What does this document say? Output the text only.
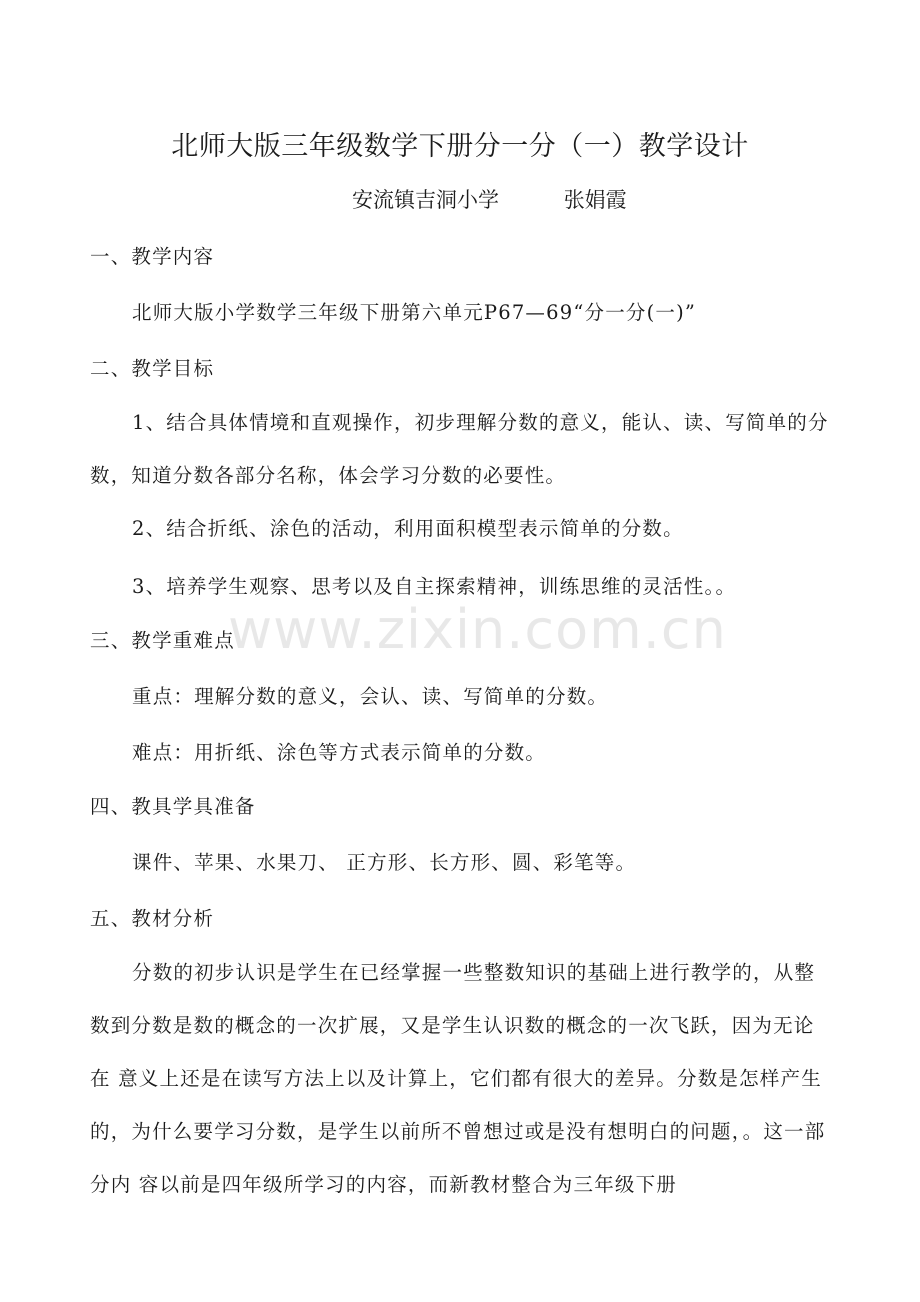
北师大版三年级数学下册分一分（一）教学设计
安流镇吉洞小学	张娟霞
一、教学内容
北师大版小学数学三年级下册第六单元P67—69“分一分(一)”
二、教学目标
1、结合具体情境和直观操作，初步理解分数的意义，能认、读、写简单的分数，知道分数各部分名称，体会学习分数的必要性。
2、结合折纸、涂色的活动，利用面积模型表示简单的分数。
3、培养学生观察、思考以及自主探索精神，训练思维的灵活性。。
三、教学重难点
重点：理解分数的意义，会认、读、写简单的分数。
难点：用折纸、涂色等方式表示简单的分数。
四、教具学具准备
课件、苹果、水果刀、 正方形、长方形、圆、彩笔等。
五、教材分析
分数的初步认识是学生在已经掌握一些整数知识的基础上进行教学的，从整数到分数是数的概念的一次扩展，又是学生认识数的概念的一次飞跃，因为无论在 意义上还是在读写方法上以及计算上，它们都有很大的差异。分数是怎样产生的，为什么要学习分数，是学生以前所不曾想过或是没有想明白的问题，。这一部分内 容以前是四年级所学习的内容，而新教材整合为三年级下册
www.zixin.com.cn
